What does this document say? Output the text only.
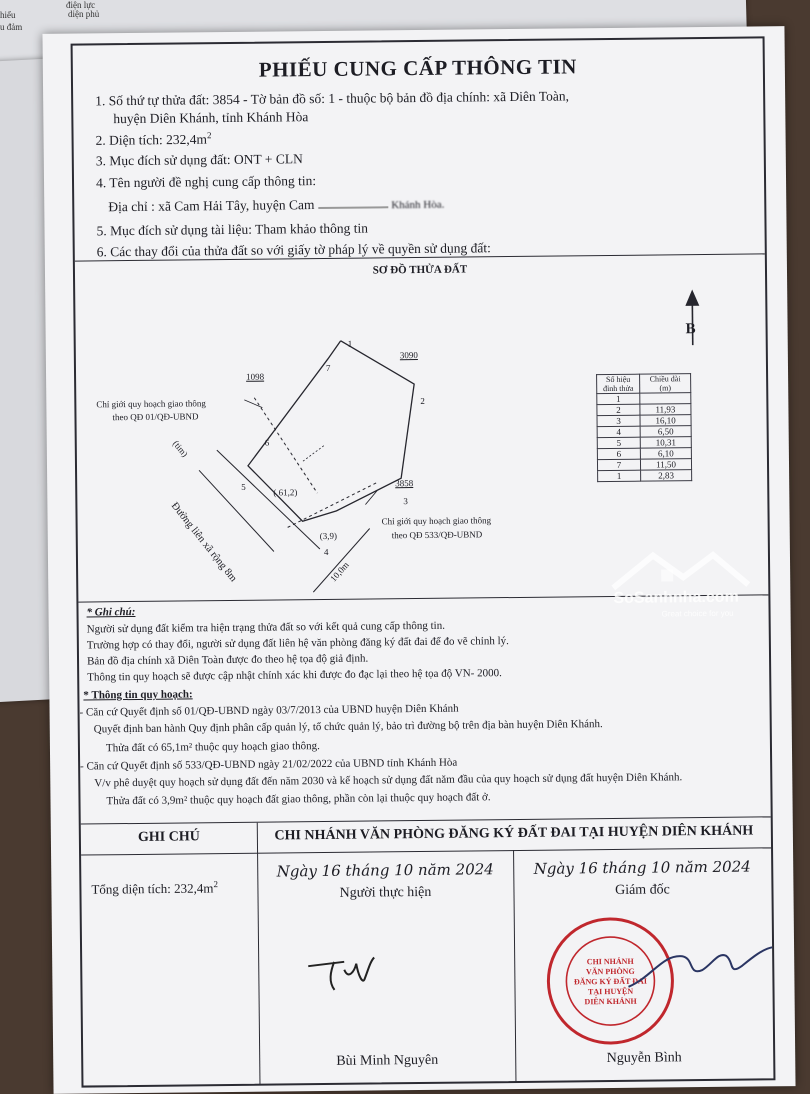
điện lực
hiểu	diện phủ
u đảm
PHIẾU CUNG CẤP THÔNG TIN
1. Số thứ tự thửa đất: 3854 - Tờ bản đồ số: 1 - thuộc bộ bản đồ địa chính: xã Diên Toàn,
huyện Diên Khánh, tỉnh Khánh Hòa
2. Diện tích: $232,4m^2$
3. Mục đích sử dụng đất: ONT + CLN
4. Tên người đề nghị cung cấp thông tin:
Địa chỉ : xã Cam Hải Tây, huyện Cam	Khánh Hòa.
5. Mục đích sử dụng tài liệu: Tham khảo thông tin
6. Các thay đổi của thửa đất so với giấy tờ pháp lý về quyền sử dụng đất:
SƠ ĐỒ THỬA ĐẤT
1
2
3
4
5
6
7
1098
3090
3858
( 61,2)
(3,9)
Chỉ giới quy hoạch giao thông
theo QĐ 01/QĐ-UBND
Chỉ giới quy hoạch giao thông
theo QĐ 533/QĐ-UBND
Đường liên xã rộng 8m
(tim)
10,0m
B
Số hiệu đỉnh thửa	Chiều dài (m)
1	
2	11,93
3	16,10
4	6,50
5	10,31
6	6,10
7	11,50
1	2,83
* Ghi chú:
Người sử dụng đất kiểm tra hiện trạng thửa đất so với kết quả cung cấp thông tin.
Trường hợp có thay đổi, người sử dụng đất liên hệ văn phòng đăng ký đất đai để đo vẽ chỉnh lý.
Bản đồ địa chính xã Diên Toàn được đo theo hệ tọa độ giả định.
Thông tin quy hoạch sẽ được cập nhật chính xác khi được đo đạc lại theo hệ tọa độ VN- 2000.
* Thông tin quy hoạch:
- Căn cứ Quyết định số 01/QĐ-UBND ngày 03/7/2013 của UBND huyện Diên Khánh
Quyết định ban hành Quy định phân cấp quản lý, tổ chức quản lý, bảo trì đường bộ trên địa bàn huyện Diên Khánh.
Thửa đất có 65,1m² thuộc quy hoạch giao thông.
- Căn cứ Quyết định số 533/QĐ-UBND ngày 21/02/2022 của UBND tỉnh Khánh Hòa
V/v phê duyệt quy hoạch sử dụng đất đến năm 2030 và kế hoạch sử dụng đất năm đầu của quy hoạch sử dụng đất huyện Diên Khánh.
Thửa đất có 3,9m² thuộc quy hoạch đất giao thông, phần còn lại thuộc quy hoạch đất ở.
GHI CHÚ	CHI NHÁNH VĂN PHÒNG ĐĂNG KÝ ĐẤT ĐAI TẠI HUYỆN DIÊN KHÁNH
Tổng diện tích: $232,4m^2$
Ngày 16 tháng 10 năm 2024
Người thực hiện
Ngày 16 tháng 10 năm 2024
Giám đốc
CHI NHÁNH
VĂN PHÒNG
ĐĂNG KÝ ĐẤT ĐAI
TẠI HUYỆN
DIÊN KHÁNH
Bùi Minh Nguyên	Nguyễn Bình
SoSanhnha.com
Great choice for you
